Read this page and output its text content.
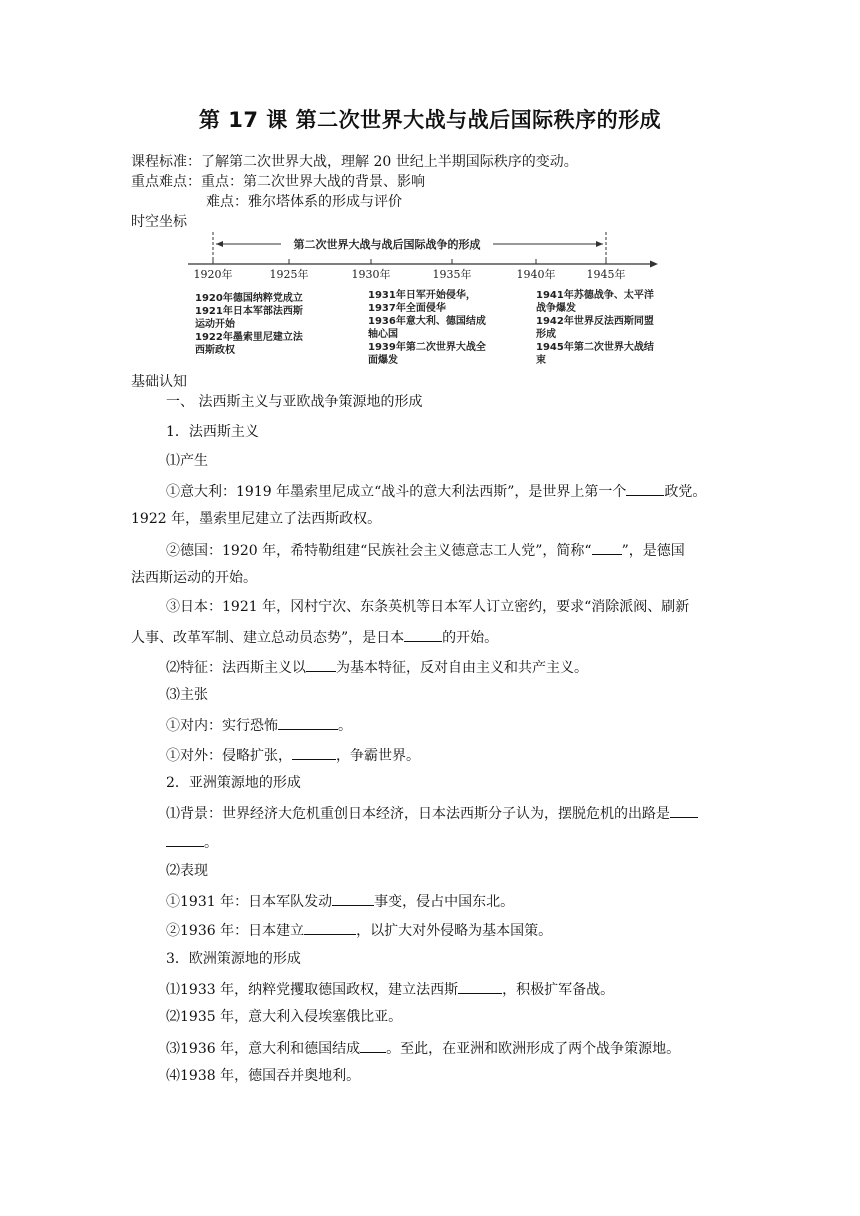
第 17 课 第二次世界大战与战后国际秩序的形成
课程标准：了解第二次世界大战，理解 20 世纪上半期国际秩序的变动。
重点难点：重点：第二次世界大战的背景、影响
难点：雅尔塔体系的形成与评价
时空坐标
第二次世界大战与战后国际战争的形成
1920年	1925年	1930年	1935年	1940年	1945年
1920年德国纳粹党成立
1921年日本军部法西斯
运动开始
1922年墨索里尼建立法
西斯政权
1931年日军开始侵华，
1937年全面侵华
1936年意大利、德国结成
轴心国
1939年第二次世界大战全
面爆发
1941年苏德战争、太平洋
战争爆发
1942年世界反法西斯同盟
形成
1945年第二次世界大战结
束
基础认知
一、 法西斯主义与亚欧战争策源地的形成
1．法西斯主义
⑴产生
①意大利：1919 年墨索里尼成立“战斗的意大利法西斯”，是世界上第一个	政党。
1922 年，墨索里尼建立了法西斯政权。
②德国：1920 年，希特勒组建“民族社会主义德意志工人党”，简称“ ”，是德国
法西斯运动的开始。
③日本：1921 年，冈村宁次、东条英机等日本军人订立密约，要求“消除派阀、刷新
人事、改革军制、建立总动员态势”，是日本	的开始。
⑵特征：法西斯主义以 为基本特征，反对自由主义和共产主义。
⑶主张
①对内：实行恐怖	。
①对外：侵略扩张，	，争霸世界。
2．亚洲策源地的形成
⑴背景：世界经济大危机重创日本经济，日本法西斯分子认为，摆脱危机的出路是
。
⑵表现
①1931 年：日本军队发动	事变，侵占中国东北。
②1936 年：日本建立	，以扩大对外侵略为基本国策。
3．欧洲策源地的形成
⑴1933 年，纳粹党攫取德国政权，建立法西斯	，积极扩军备战。
⑵1935 年，意大利入侵埃塞俄比亚。
⑶1936 年，意大利和德国结成 。至此，在亚洲和欧洲形成了两个战争策源地。
⑷1938 年，德国吞并奥地利。
